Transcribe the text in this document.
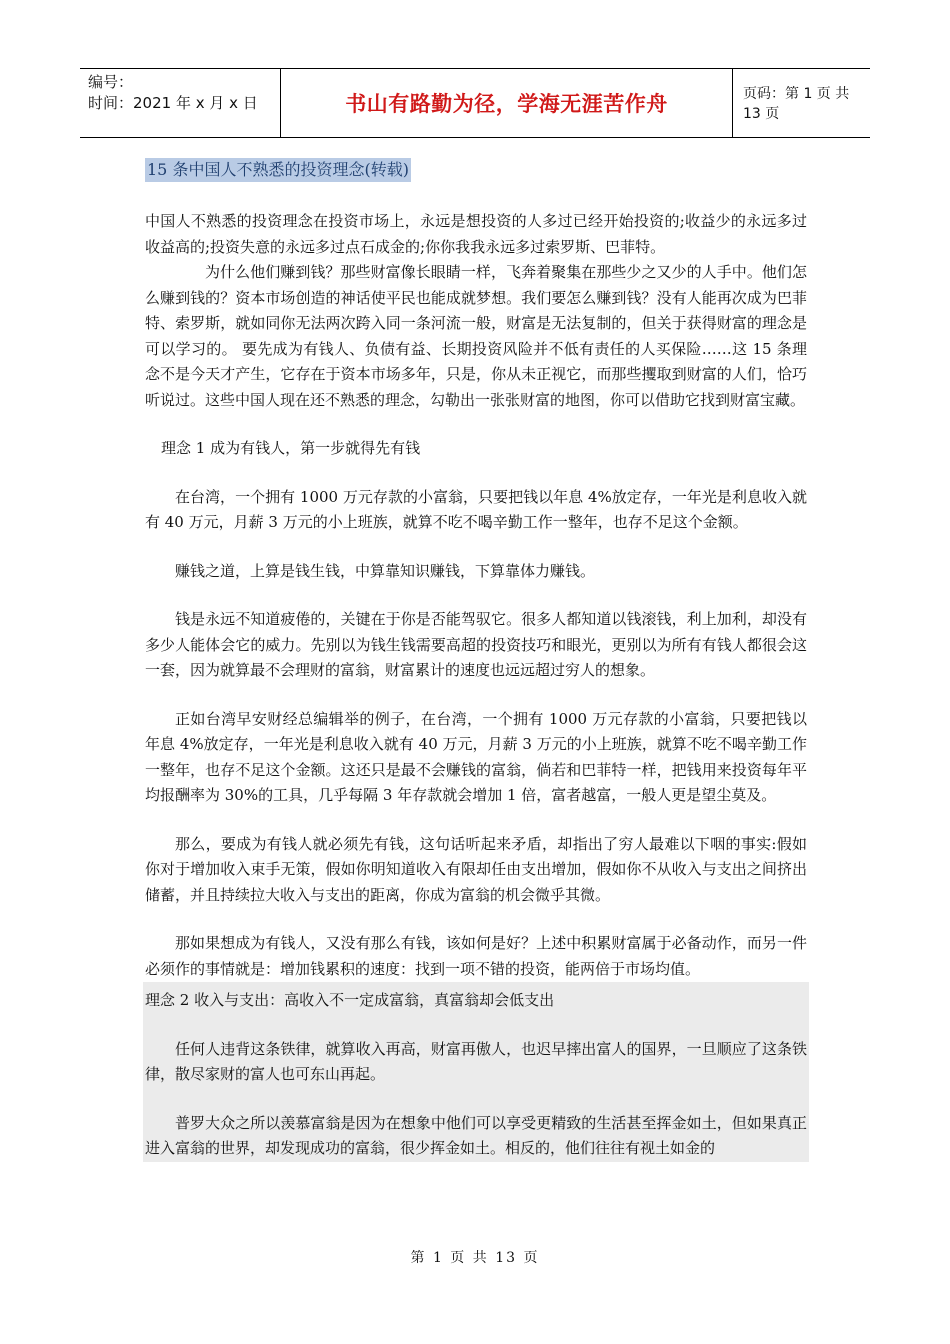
编号：
时间：2021 年 x 月 x 日	书山有路勤为径，学海无涯苦作舟	页码：第 1 页 共 13 页
15 条中国人不熟悉的投资理念(转载)

中国人不熟悉的投资理念在投资市场上，永远是想投资的人多过已经开始投资的;收益少的永远多过收益高的;投资失意的永远多过点石成金的;你你我我永远多过索罗斯、巴菲特。

为什么他们赚到钱？那些财富像长眼睛一样，飞奔着聚集在那些少之又少的人手中。他们怎么赚到钱的？资本市场创造的神话使平民也能成就梦想。我们要怎么赚到钱？没有人能再次成为巴菲特、索罗斯，就如同你无法两次跨入同一条河流一般，财富是无法复制的，但关于获得财富的理念是可以学习的。 要先成为有钱人、负债有益、长期投资风险并不低有责任的人买保险……这 15 条理念不是今天才产生，它存在于资本市场多年，只是，你从未正视它，而那些攫取到财富的人们，恰巧听说过。这些中国人现在还不熟悉的理念，勾勒出一张张财富的地图，你可以借助它找到财富宝藏。

理念 1 成为有钱人，第一步就得先有钱

在台湾，一个拥有 1000 万元存款的小富翁，只要把钱以年息 4%放定存，一年光是利息收入就有 40 万元，月薪 3 万元的小上班族，就算不吃不喝辛勤工作一整年，也存不足这个金额。

赚钱之道，上算是钱生钱，中算靠知识赚钱，下算靠体力赚钱。

钱是永远不知道疲倦的，关键在于你是否能驾驭它。很多人都知道以钱滚钱，利上加利，却没有多少人能体会它的威力。先别以为钱生钱需要高超的投资技巧和眼光，更别以为所有有钱人都很会这一套，因为就算最不会理财的富翁，财富累计的速度也远远超过穷人的想象。

正如台湾早安财经总编辑举的例子，在台湾，一个拥有 1000 万元存款的小富翁，只要把钱以年息 4%放定存，一年光是利息收入就有 40 万元，月薪 3 万元的小上班族，就算不吃不喝辛勤工作一整年，也存不足这个金额。这还只是最不会赚钱的富翁，倘若和巴菲特一样，把钱用来投资每年平均报酬率为 30%的工具，几乎每隔 3 年存款就会增加 1 倍，富者越富，一般人更是望尘莫及。

那么，要成为有钱人就必须先有钱，这句话听起来矛盾，却指出了穷人最难以下咽的事实:假如你对于增加收入束手无策，假如你明知道收入有限却任由支出增加，假如你不从收入与支出之间挤出储蓄，并且持续拉大收入与支出的距离，你成为富翁的机会微乎其微。

那如果想成为有钱人，又没有那么有钱，该如何是好？上述中积累财富属于必备动作，而另一件必须作的事情就是：增加钱累积的速度：找到一项不错的投资，能两倍于市场均值。

理念 2 收入与支出：高收入不一定成富翁，真富翁却会低支出

任何人违背这条铁律，就算收入再高，财富再傲人，也迟早摔出富人的国界，一旦顺应了这条铁律，散尽家财的富人也可东山再起。

普罗大众之所以羡慕富翁是因为在想象中他们可以享受更精致的生活甚至挥金如土，但如果真正进入富翁的世界，却发现成功的富翁，很少挥金如土。相反的，他们往往有视土如金的

第 1 页 共 13 页
